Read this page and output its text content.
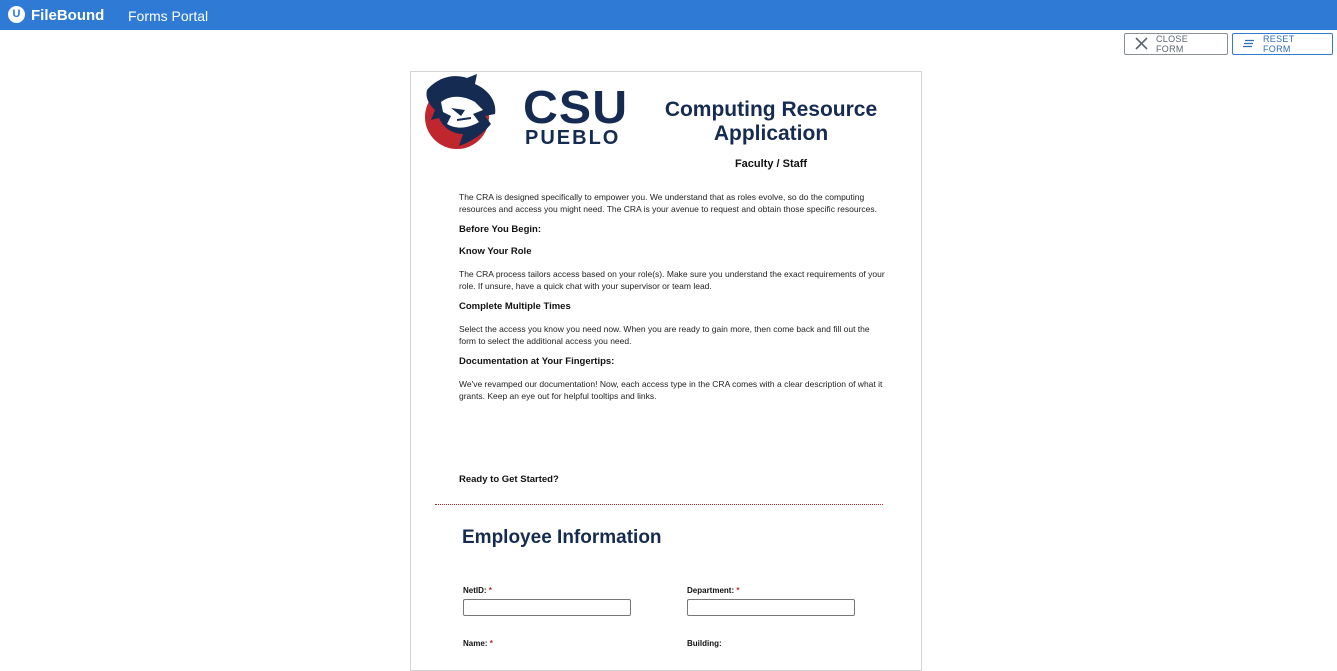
U FileBound Forms Portal
CLOSE FORM
RESET FORM
CSU
PUEBLO
Computing Resource Application
Faculty / Staff

The CRA is designed specifically to empower you. We understand that as roles evolve, so do the computing resources and access you might need. The CRA is your avenue to request and obtain those specific resources.

Before You Begin:
Know Your Role

The CRA process tailors access based on your role(s). Make sure you understand the exact requirements of your role. If unsure, have a quick chat with your supervisor or team lead.

Complete Multiple Times

Select the access you know you need now. When you are ready to gain more, then come back and fill out the form to select the additional access you need.

Documentation at Your Fingertips:

We've revamped our documentation! Now, each access type in the CRA comes with a clear description of what it grants. Keep an eye out for helpful tooltips and links.

Ready to Get Started?
Employee Information
NetID: *	Department: *
Name: *	Building:
